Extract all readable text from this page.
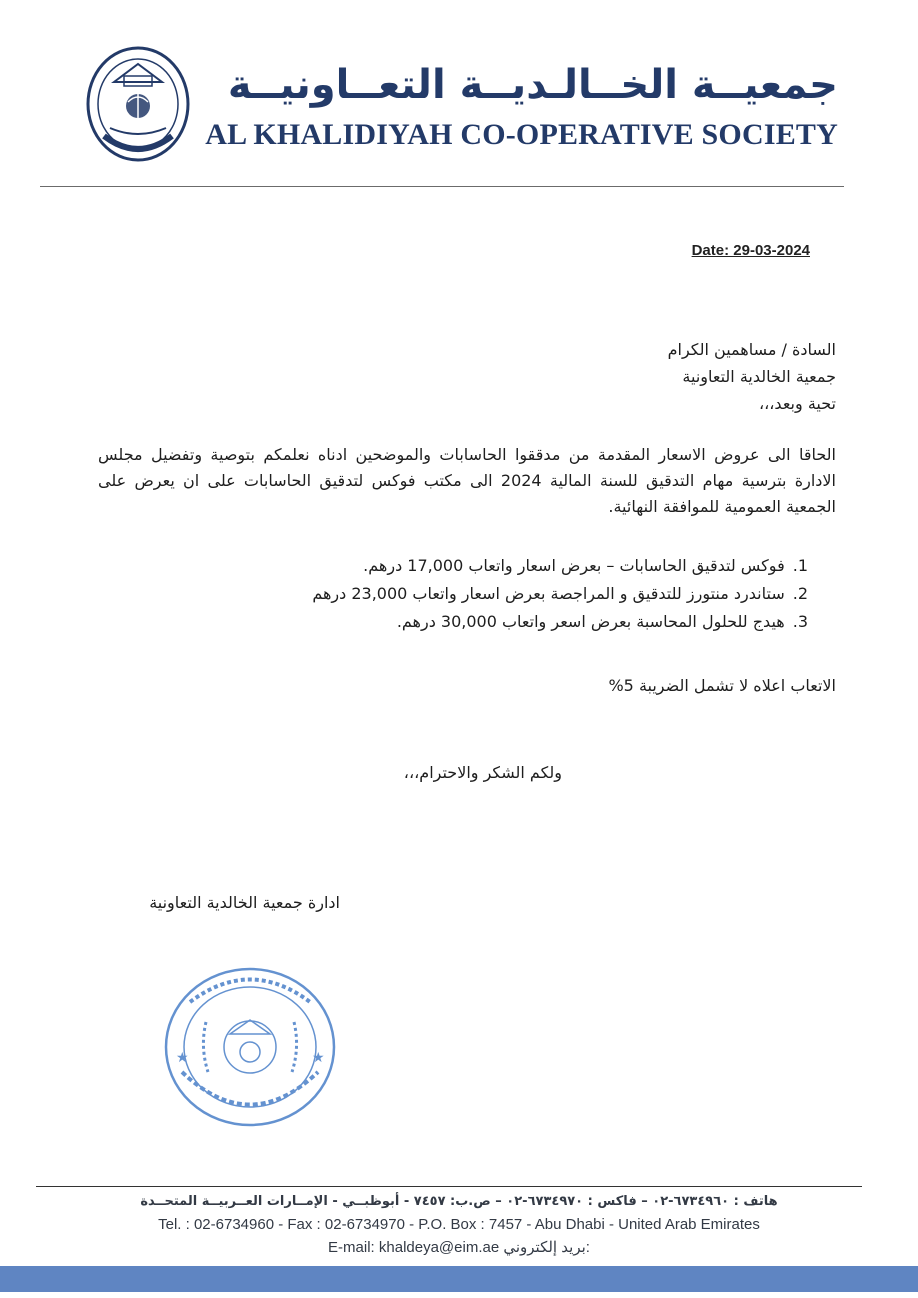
جمعيــة الخــالـديــة التعــاونيــة
AL KHALIDIYAH CO-OPERATIVE SOCIETY
Date: 29-03-2024
السادة / مساهمين الكرام
جمعية الخالدية التعاونية
تحية وبعد،،،
الحاقا الى عروض الاسعار المقدمة من مدققوا الحاسابات والموضحين ادناه نعلمكم بتوصية وتفضيل مجلس الادارة بترسية مهام التدقيق للسنة المالية 2024 الى مكتب فوكس لتدقيق الحاسابات على ان يعرض على الجمعية العمومية للموافقة النهائية.
1.فوكس لتدقيق الحاسابات – بعرض اسعار واتعاب 17,000 درهم.
2.ستاندرد منتورز للتدقيق و المراجصة بعرض اسعار واتعاب 23,000 درهم
3.هيدج للحلول المحاسبة بعرض اسعر واتعاب 30,000 درهم.
الاتعاب اعلاه لا تشمل الضريبة 5%
ولكم الشكر والاحترام،،،
ادارة جمعية الخالدية التعاونية
★	★
هاتف : ٦٧٣٤٩٦٠-٠٢ – فاكس : ٦٧٣٤٩٧٠-٠٢ – ص.ب: ٧٤٥٧ - أبوظبــي - الإمــارات العــربيــة المتحــدة
Tel. : 02-6734960 - Fax : 02-6734970 - P.O. Box : 7457 - Abu Dhabi - United Arab Emirates
E-mail: khaldeya@eim.ae بريد إلكتروني:
